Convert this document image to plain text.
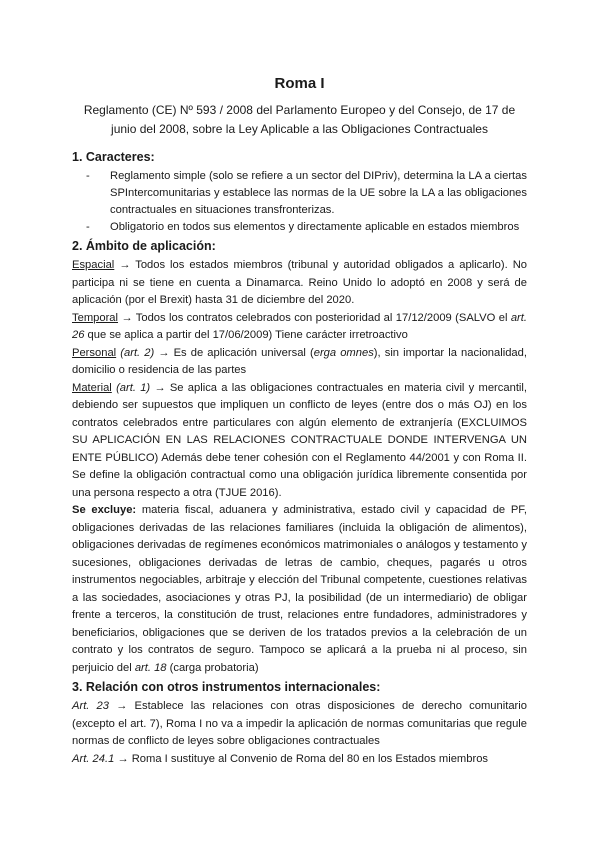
Roma I
Reglamento (CE) Nº 593 / 2008 del Parlamento Europeo y del Consejo, de 17 de junio del 2008, sobre la Ley Aplicable a las Obligaciones Contractuales
1. Caracteres:
- Reglamento simple (solo se refiere a un sector del DIPriv), determina la LA a ciertas SPIntercomunitarias y establece las normas de la UE sobre la LA a las obligaciones contractuales en situaciones transfronterizas.
- Obligatorio en todos sus elementos y directamente aplicable en estados miembros
2. Ámbito de aplicación:

Espacial → Todos los estados miembros (tribunal y autoridad obligados a aplicarlo). No participa ni se tiene en cuenta a Dinamarca. Reino Unido lo adoptó en 2008 y será de aplicación (por el Brexit) hasta 31 de diciembre del 2020.

Temporal → Todos los contratos celebrados con posterioridad al 17/12/2009 (SALVO el art. 26 que se aplica a partir del 17/06/2009) Tiene carácter irretroactivo

Personal (art. 2) → Es de aplicación universal (erga omnes), sin importar la nacionalidad, domicilio o residencia de las partes

Material (art. 1) → Se aplica a las obligaciones contractuales en materia civil y mercantil, debiendo ser supuestos que impliquen un conflicto de leyes (entre dos o más OJ) en los contratos celebrados entre particulares con algún elemento de extranjería (EXCLUIMOS SU APLICACIÓN EN LAS RELACIONES CONTRACTUALE DONDE INTERVENGA UN ENTE PÚBLICO) Además debe tener cohesión con el Reglamento 44/2001 y con Roma II. Se define la obligación contractual como una obligación jurídica libremente consentida por una persona respecto a otra (TJUE 2016).

Se excluye: materia fiscal, aduanera y administrativa, estado civil y capacidad de PF, obligaciones derivadas de las relaciones familiares (incluida la obligación de alimentos), obligaciones derivadas de regímenes económicos matrimoniales o análogos y testamento y sucesiones, obligaciones derivadas de letras de cambio, cheques, pagarés u otros instrumentos negociables, arbitraje y elección del Tribunal competente, cuestiones relativas a las sociedades, asociaciones y otras PJ, la posibilidad (de un intermediario) de obligar frente a terceros, la constitución de trust, relaciones entre fundadores, administradores y beneficiarios, obligaciones que se deriven de los tratados previos a la celebración de un contrato y los contratos de seguro. Tampoco se aplicará a la prueba ni al proceso, sin perjuicio del art. 18 (carga probatoria)

3. Relación con otros instrumentos internacionales:

Art. 23 → Establece las relaciones con otras disposiciones de derecho comunitario (excepto el art. 7), Roma I no va a impedir la aplicación de normas comunitarias que regule normas de conflicto de leyes sobre obligaciones contractuales

Art. 24.1 → Roma I sustituye al Convenio de Roma del 80 en los Estados miembros
